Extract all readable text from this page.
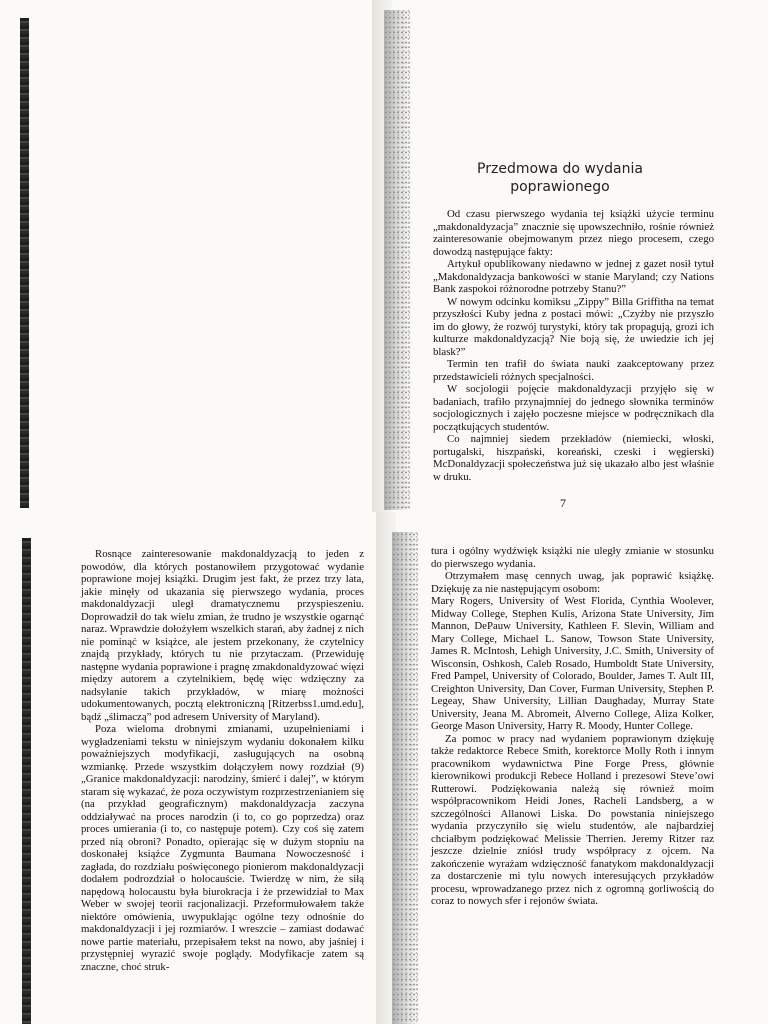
Przedmowa do wydania
poprawionego

Od czasu pierwszego wydania tej książki użycie terminu „makdonaldyzacja” znacznie się upowszechniło, rośnie również zainteresowanie obejmowanym przez niego procesem, czego dowodzą następujące fakty:

Artykuł opublikowany niedawno w jednej z gazet nosił tytuł „Makdonaldyzacja bankowości w stanie Maryland; czy Nations Bank zaspokoi różnorodne potrzeby Stanu?”

W nowym odcinku komiksu „Zippy” Billa Griffitha na temat przyszłości Kuby jedna z postaci mówi: „Czyżby nie przyszło im do głowy, że rozwój turystyki, który tak propagują, grozi ich kulturze makdonaldyzacją? Nie boją się, że uwiedzie ich jej blask?”

Termin ten trafił do świata nauki zaakceptowany przez przedstawicieli różnych specjalności.

W socjologii pojęcie makdonaldyzacji przyjęło się w badaniach, trafiło przynajmniej do jednego słownika terminów socjologicznych i zajęło poczesne miejsce w podręcznikach dla początkujących studentów.

Co najmniej siedem przekładów (niemiecki, włoski, portugalski, hiszpański, koreański, czeski i węgierski) McDonaldyzacji społeczeństwa już się ukazało albo jest właśnie w druku.

7

Rosnące zainteresowanie makdonaldyzacją to jeden z powodów, dla których postanowiłem przygotować wydanie poprawione mojej książki. Drugim jest fakt, że przez trzy lata, jakie minęły od ukazania się pierwszego wydania, proces makdonaldyzacji uległ dramatycznemu przyspieszeniu. Doprowadził do tak wielu zmian, że trudno je wszystkie ogarnąć naraz. Wprawdzie dołożyłem wszelkich starań, aby żadnej z nich nie pominąć w książce, ale jestem przekonany, że czytelnicy znajdą przykłady, których tu nie przytaczam. (Przewiduję następne wydania poprawione i pragnę zmakdonaldyzować więzi między autorem a czytelnikiem, będę więc wdzięczny za nadsyłanie takich przykładów, w miarę możności udokumentowanych, pocztą elektroniczną [Ritzerbss1.umd.edu], bądź „ślimaczą” pod adresem University of Maryland).

Poza wieloma drobnymi zmianami, uzupełnieniami i wygładzeniami tekstu w niniejszym wydaniu dokonałem kilku poważniejszych modyfikacji, zasługujących na osobną wzmiankę. Przede wszystkim dołączyłem nowy rozdział (9) „Granice makdonaldyzacji: narodziny, śmierć i dalej”, w którym staram się wykazać, że poza oczywistym rozprzestrzenianiem się (na przykład geograficznym) makdonaldyzacja zaczyna oddziaływać na proces narodzin (i to, co go poprzedza) oraz proces umierania (i to, co następuje potem). Czy coś się zatem przed nią obroni? Ponadto, opierając się w dużym stopniu na doskonałej książce Zygmunta Baumana Nowoczesność i zagłada, do rozdziału poświęconego pionierom makdonaldyzacji dodałem podrozdział o holocauście. Twierdzę w nim, że siłą napędową holocaustu była biurokracja i że przewidział to Max Weber w swojej teorii racjonalizacji. Przeformułowałem także niektóre omówienia, uwypuklając ogólne tezy odnośnie do makdonaldyzacji i jej rozmiarów. I wreszcie – zamiast dodawać nowe partie materiału, przepisałem tekst na nowo, aby jaśniej i przystępniej wyrazić swoje poglądy. Modyfikacje zatem są znaczne, choć struk-

tura i ogólny wydźwięk książki nie uległy zmianie w stosunku do pierwszego wydania.

Otrzymałem masę cennych uwag, jak poprawić książkę. Dziękuję za nie następującym osobom:

Mary Rogers, University of West Florida, Cynthia Woolever, Midway College, Stephen Kulis, Arizona State University, Jim Mannon, DePauw University, Kathleen F. Slevin, William and Mary College, Michael L. Sanow, Towson State University, James R. McIntosh, Lehigh University, J.C. Smith, University of Wisconsin, Oshkosh, Caleb Rosado, Humboldt State University, Fred Pampel, University of Colorado, Boulder, James T. Ault III, Creighton University, Dan Cover, Furman University, Stephen P. Legeay, Shaw University, Lillian Daughaday, Murray State University, Jeana M. Abromeit, Alverno College, Aliza Kolker, George Mason University, Harry R. Moody, Hunter College.

Za pomoc w pracy nad wydaniem poprawionym dziękuję także redaktorce Rebece Smith, korektorce Molly Roth i innym pracownikom wydawnictwa Pine Forge Press, głównie kierownikowi produkcji Rebece Holland i prezesowi Steve’owi Rutterowi. Podziękowania należą się również moim współpracownikom Heidi Jones, Racheli Landsberg, a w szczególności Allanowi Liska. Do powstania niniejszego wydania przyczyniło się wielu studentów, ale najbardziej chciałbym podziękować Melissie Therrien. Jeremy Ritzer raz jeszcze dzielnie zniósł trudy współpracy z ojcem. Na zakończenie wyrażam wdzięczność fanatykom makdonaldyzacji za dostarczenie mi tylu nowych interesujących przykładów procesu, wprowadzanego przez nich z ogromną gorliwością do coraz to nowych sfer i rejonów świata.
